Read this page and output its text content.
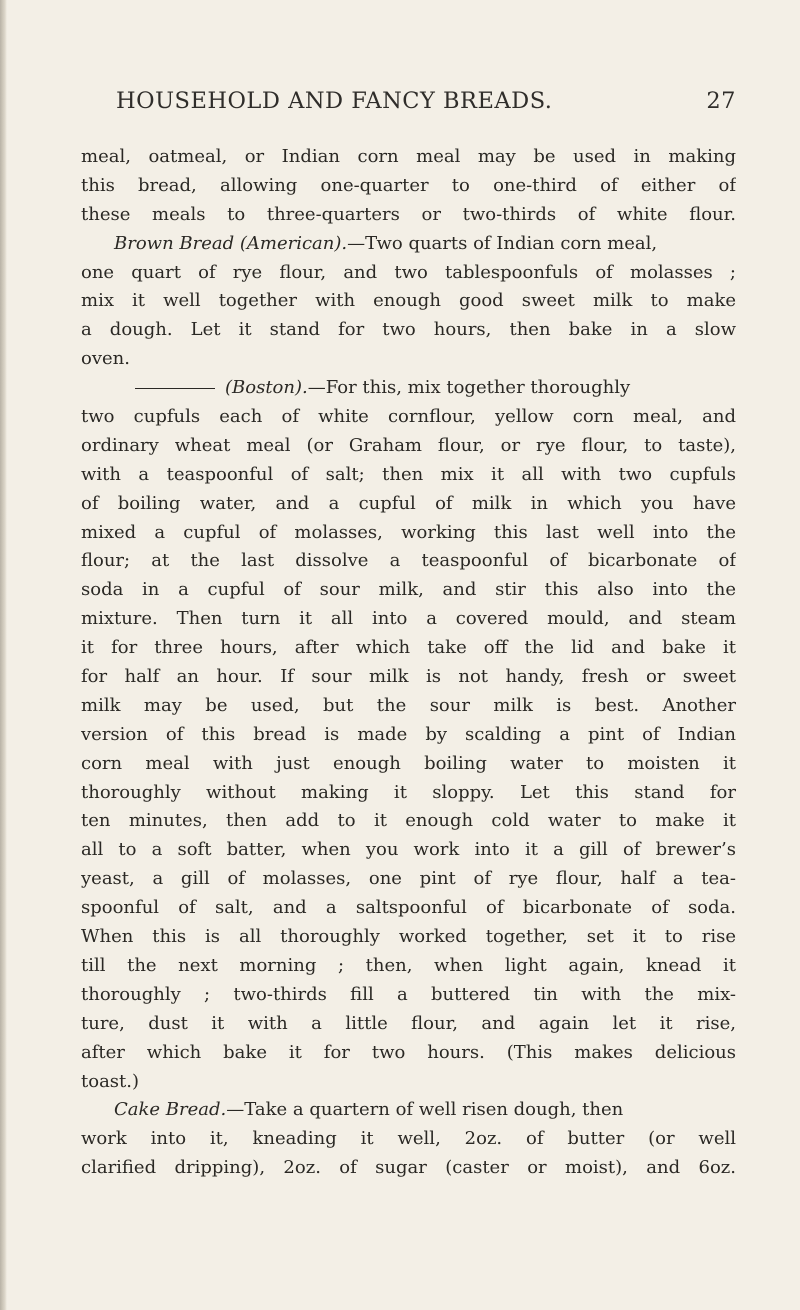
HOUSEHOLD AND FANCY BREADS.	27
meal, oatmeal, or Indian corn meal may be used in making
this bread, allowing one-quarter to one-third of either of
these meals to three-quarters or two-thirds of white flour.
Brown Bread (American).—Two quarts of Indian corn meal,
one quart of rye flour, and two tablespoonfuls of molasses ;
mix it well together with enough good sweet milk to make
a dough. Let it stand for two hours, then bake in a slow
oven.
(Boston).—For this, mix together thoroughly
two cupfuls each of white cornflour, yellow corn meal, and
ordinary wheat meal (or Graham flour, or rye flour, to taste),
with a teaspoonful of salt; then mix it all with two cupfuls
of boiling water, and a cupful of milk in which you have
mixed a cupful of molasses, working this last well into the
flour; at the last dissolve a teaspoonful of bicarbonate of
soda in a cupful of sour milk, and stir this also into the
mixture. Then turn it all into a covered mould, and steam
it for three hours, after which take off the lid and bake it
for half an hour. If sour milk is not handy, fresh or sweet
milk may be used, but the sour milk is best. Another
version of this bread is made by scalding a pint of Indian
corn meal with just enough boiling water to moisten it
thoroughly without making it sloppy. Let this stand for
ten minutes, then add to it enough cold water to make it
all to a soft batter, when you work into it a gill of brewer’s
yeast, a gill of molasses, one pint of rye flour, half a tea-
spoonful of salt, and a saltspoonful of bicarbonate of soda.
When this is all thoroughly worked together, set it to rise
till the next morning ; then, when light again, knead it
thoroughly ; two-thirds fill a buttered tin with the mix-
ture, dust it with a little flour, and again let it rise,
after which bake it for two hours. (This makes delicious
toast.)
Cake Bread.—Take a quartern of well risen dough, then
work into it, kneading it well, 2oz. of butter (or well
clarified dripping), 2oz. of sugar (caster or moist), and 6oz.
